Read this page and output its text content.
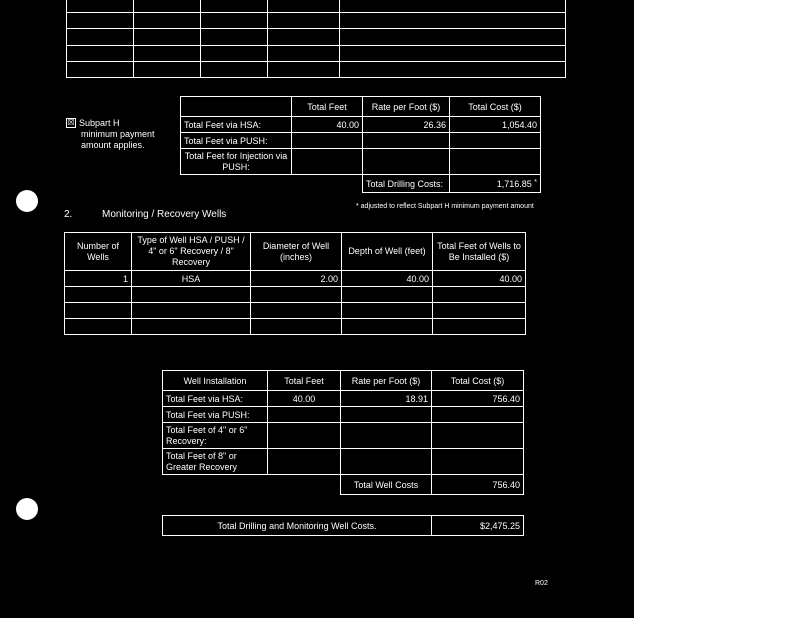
☒ Subpart H
minimum payment
amount applies.
	Total Feet	Rate per Foot ($)	Total Cost ($)
Total Feet via HSA:	40.00	26.36	1,054.40
Total Feet via PUSH:			
Total Feet for Injection via PUSH:			
		Total Drilling Costs:	1,716.85 *
* adjusted to reflect Subpart H minimum payment amount
2.	Monitoring / Recovery Wells
Number of Wells	Type of Well HSA / PUSH / 4" or 6" Recovery / 8" Recovery	Diameter of Well (inches)	Depth of Well (feet)	Total Feet of Wells to Be Installed ($)
1	HSA	2.00	40.00	40.00

Well Installation	Total Feet	Rate per Foot ($)	Total Cost ($)
Total Feet via HSA:	40.00	18.91	756.40
Total Feet via PUSH:			
Total Feet of 4" or 6" Recovery:			
Total Feet of 8" or Greater Recovery			
		Total Well Costs	756.40
Total Drilling and Monitoring Well Costs.	$2,475.25
R02
